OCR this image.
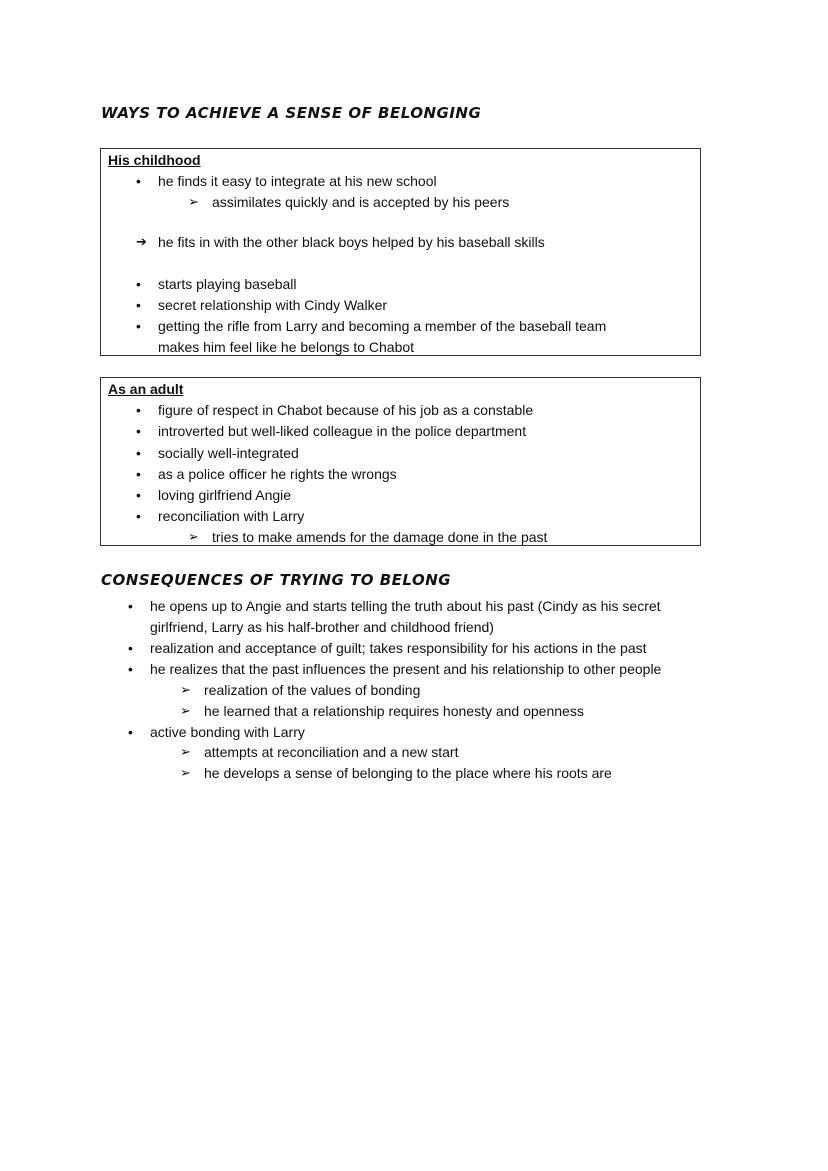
WAYS TO ACHIEVE A SENSE OF BELONGING
His childhood
• he finds it easy to integrate at his new school
➢ assimilates quickly and is accepted by his peers
➔ he fits in with the other black boys helped by his baseball skills
• starts playing baseball
• secret relationship with Cindy Walker
• getting the rifle from Larry and becoming a member of the baseball team
makes him feel like he belongs to Chabot
As an adult
• figure of respect in Chabot because of his job as a constable
• introverted but well-liked colleague in the police department
• socially well-integrated
• as a police officer he rights the wrongs
• loving girlfriend Angie
• reconciliation with Larry
➢ tries to make amends for the damage done in the past
CONSEQUENCES OF TRYING TO BELONG
• he opens up to Angie and starts telling the truth about his past (Cindy as his secret
girlfriend, Larry as his half-brother and childhood friend)
• realization and acceptance of guilt; takes responsibility for his actions in the past
• he realizes that the past influences the present and his relationship to other people
➢ realization of the values of bonding
➢ he learned that a relationship requires honesty and openness
• active bonding with Larry
➢ attempts at reconciliation and a new start
➢ he develops a sense of belonging to the place where his roots are
